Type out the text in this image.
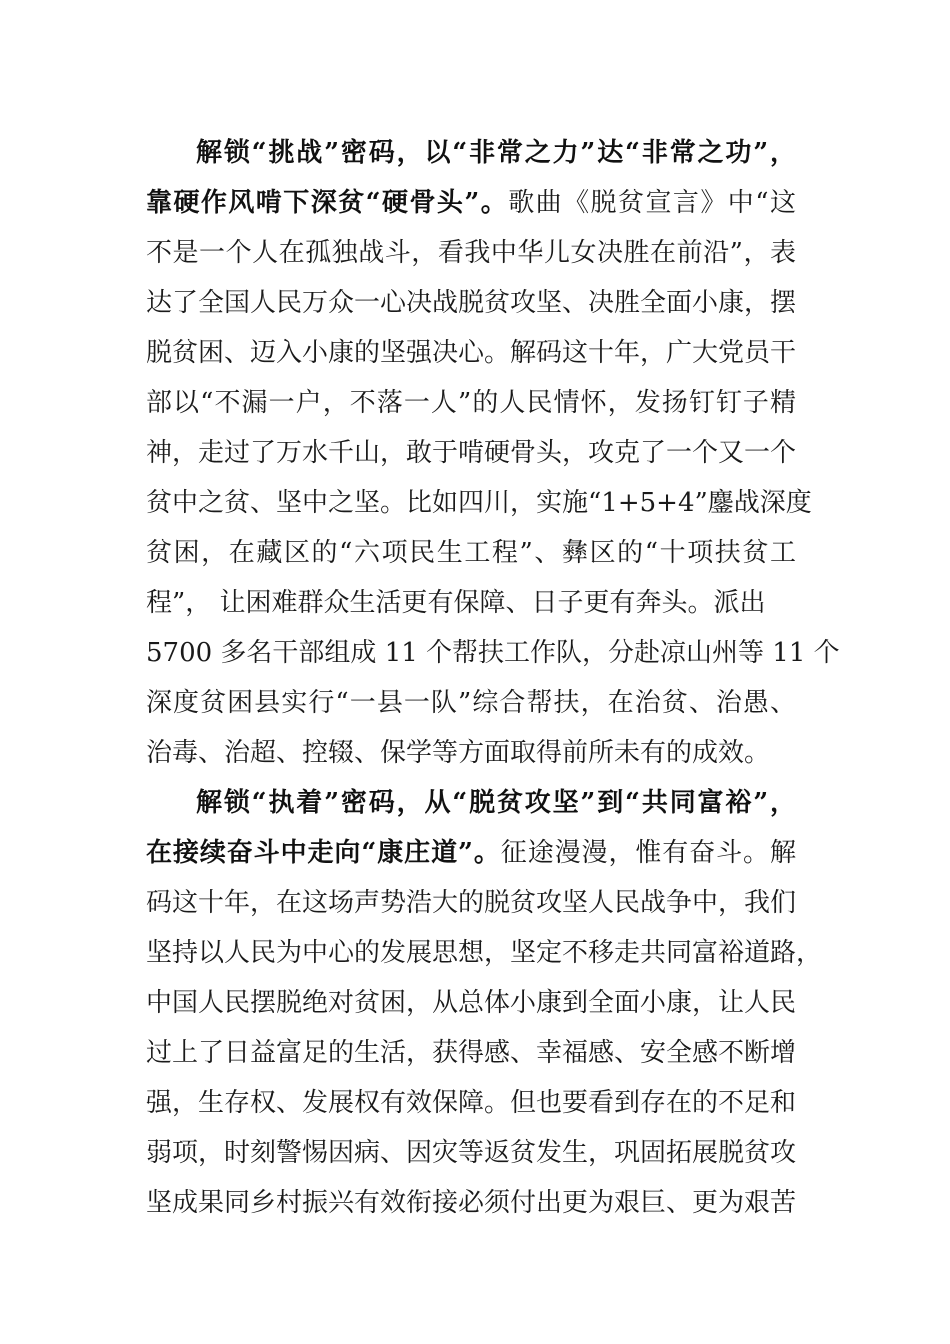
解锁“挑战”密码，以“非常之力”达“非常之功”，
靠硬作风啃下深贫“硬骨头”。歌曲《脱贫宣言》中“这
不是一个人在孤独战斗，看我中华儿女决胜在前沿”，表
达了全国人民万众一心决战脱贫攻坚、决胜全面小康，摆
脱贫困、迈入小康的坚强决心。解码这十年，广大党员干
部以“不漏一户，不落一人”的人民情怀，发扬钉钉子精
神，走过了万水千山，敢于啃硬骨头，攻克了一个又一个
贫中之贫、坚中之坚。比如四川，实施“1+5+4”鏖战深度
贫困，在藏区的“六项民生工程”、彝区的“十项扶贫工
程”， 让困难群众生活更有保障、日子更有奔头。派出
5700 多名干部组成 11 个帮扶工作队，分赴凉山州等 11 个
深度贫困县实行“一县一队”综合帮扶，在治贫、治愚、
治毒、治超、控辍、保学等方面取得前所未有的成效。
解锁“执着”密码，从“脱贫攻坚”到“共同富裕”，
在接续奋斗中走向“康庄道”。征途漫漫，惟有奋斗。解
码这十年，在这场声势浩大的脱贫攻坚人民战争中，我们
坚持以人民为中心的发展思想，坚定不移走共同富裕道路，
中国人民摆脱绝对贫困，从总体小康到全面小康，让人民
过上了日益富足的生活，获得感、幸福感、安全感不断增
强，生存权、发展权有效保障。但也要看到存在的不足和
弱项，时刻警惕因病、因灾等返贫发生，巩固拓展脱贫攻
坚成果同乡村振兴有效衔接必须付出更为艰巨、更为艰苦
